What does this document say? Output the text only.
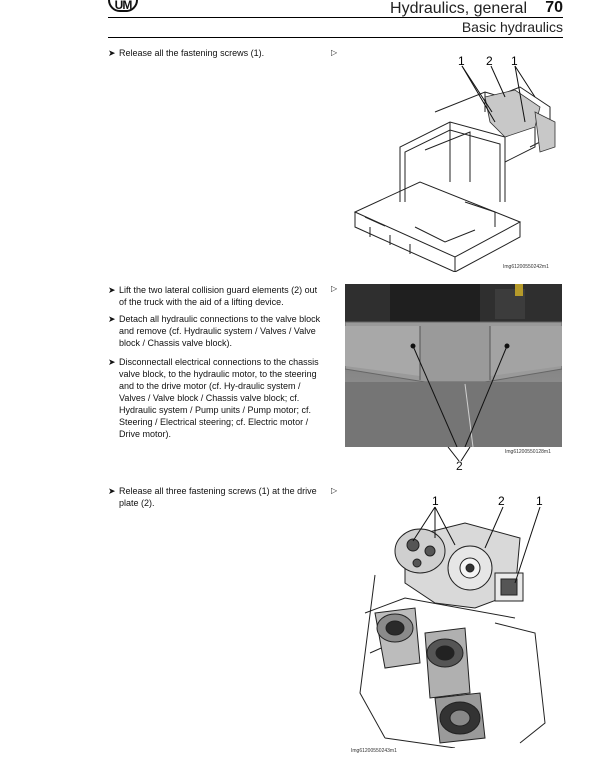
UM	Hydraulics, general 70
Basic hydraulics
➤ Release all the fastening screws (1).	▷
1 2 1
Img61200550242m1
➤ Lift the two lateral collision guard elements (2) out of the truck with the aid of a lifting device.
▷
➤ Detach all hydraulic connections to the valve block and remove (cf. Hydraulic system / Valves / Valve block / Chassis valve block).
➤ Disconnectall electrical connections to the chassis valve block, to the hydraulic motor, to the steering and to the drive motor (cf. Hy-draulic system / Valves / Valve block / Chassis valve block; cf. Hydraulic system / Pump units / Pump motor; cf. Steering / Electrical steering; cf. Electric motor / Drive motor).
Img61200550128m1
2
➤ Release all three fastening screws (1) at the drive plate (2).
▷
1	2	1
Img61200550243m1
